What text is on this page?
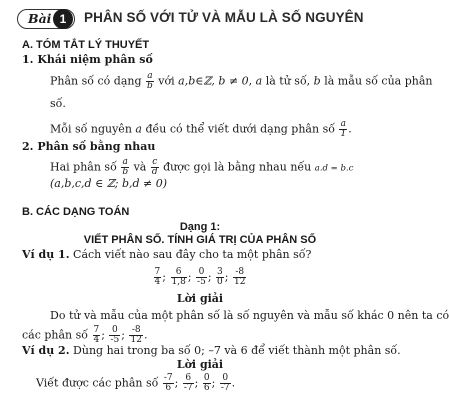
Bài 1	PHÂN SỐ VỚI TỬ VÀ MẪU LÀ SỐ NGUYÊN
A. TÓM TẮT LÝ THUYẾT
1. Khái niệm phân số
Phân số có dạng $\frac{a}{b}$ với a,b∈ℤ, b ≠ 0, a là tử số, b là mẫu số của phân
số.
Mỗi số nguyên a đều có thể viết dưới dạng phân số $\frac{a}{1}$ .
2. Phân số bằng nhau
Hai phân số $\frac{a}{b}$ và $\frac{c}{d}$ được gọi là bằng nhau nếu a.d = b.c
(a,b,c,d ∈ ℤ; b,d ≠ 0)
B. CÁC DẠNG TOÁN
Dạng 1:
VIẾT PHÂN SỐ. TÍNH GIÁ TRỊ CỦA PHÂN SỐ
Ví dụ 1. Cách viết nào sau đây cho ta một phân số?
$\frac{7}{4}$ ; $\frac{6}{1,8}$ ; $\frac{0}{-5}$ ; $\frac{3}{0}$ ; $\frac{-8}{12}$
Lời giải
Do tử và mẫu của một phân số là số nguyên và mẫu số khác 0 nên ta có
các phân số $\frac{7}{4}$ ; $\frac{0}{-5}$ ; $\frac{-8}{12}$ .
Ví dụ 2. Dùng hai trong ba số 0; –7 và 6 để viết thành một phân số.
Lời giải
Viết được các phân số $\frac{-7}{6}$ ; $\frac{6}{-7}$ ; $\frac{0}{6}$ ; $\frac{0}{-7}$ .
